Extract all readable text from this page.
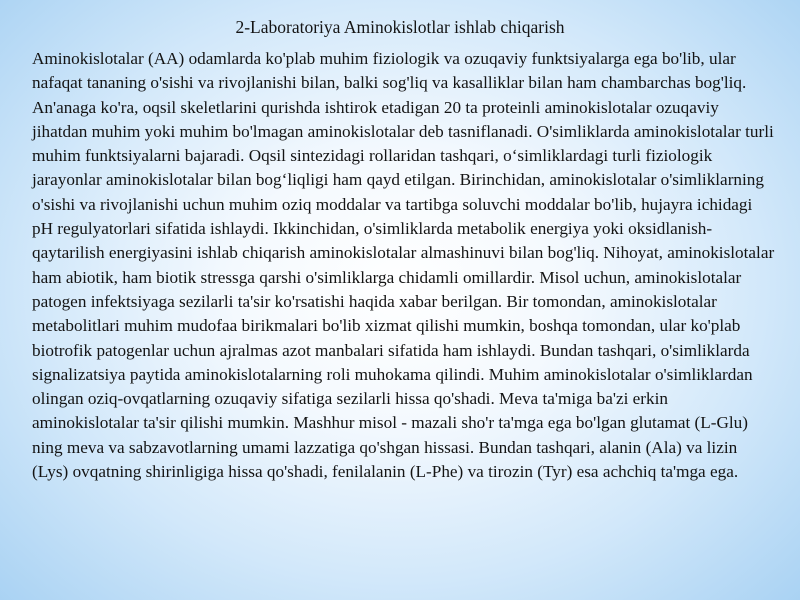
2-Laboratoriya Aminokislotlar ishlab chiqarish

Aminokislotalar (AA) odamlarda ko'plab muhim fiziologik va ozuqaviy funktsiyalarga ega bo'lib, ular nafaqat tananing o'sishi va rivojlanishi bilan, balki sog'liq va kasalliklar bilan ham chambarchas bog'liq. An'anaga ko'ra, oqsil skeletlarini qurishda ishtirok etadigan 20 ta proteinli aminokislotalar ozuqaviy jihatdan muhim yoki muhim bo'lmagan aminokislotalar deb tasniflanadi. O'simliklarda aminokislotalar turli muhim funktsiyalarni bajaradi. Oqsil sintezidagi rollaridan tashqari, o‘simliklardagi turli fiziologik jarayonlar aminokislotalar bilan bog‘liqligi ham qayd etilgan. Birinchidan, aminokislotalar o'simliklarning o'sishi va rivojlanishi uchun muhim oziq moddalar va tartibga soluvchi moddalar bo'lib, hujayra ichidagi pH regulyatorlari sifatida ishlaydi. Ikkinchidan, o'simliklarda metabolik energiya yoki oksidlanish-qaytarilish energiyasini ishlab chiqarish aminokislotalar almashinuvi bilan bog'liq. Nihoyat, aminokislotalar ham abiotik, ham biotik stressga qarshi o'simliklarga chidamli omillardir. Misol uchun, aminokislotalar patogen infektsiyaga sezilarli ta'sir ko'rsatishi haqida xabar berilgan. Bir tomondan, aminokislotalar metabolitlari muhim mudofaa birikmalari bo'lib xizmat qilishi mumkin, boshqa tomondan, ular ko'plab biotrofik patogenlar uchun ajralmas azot manbalari sifatida ham ishlaydi. Bundan tashqari, o'simliklarda signalizatsiya paytida aminokislotalarning roli muhokama qilindi. Muhim aminokislotalar o'simliklardan olingan oziq-ovqatlarning ozuqaviy sifatiga sezilarli hissa qo'shadi. Meva ta'miga ba'zi erkin aminokislotalar ta'sir qilishi mumkin. Mashhur misol - mazali sho'r ta'mga ega bo'lgan glutamat (L-Glu) ning meva va sabzavotlarning umami lazzatiga qo'shgan hissasi. Bundan tashqari, alanin (Ala) va lizin (Lys) ovqatning shirinligiga hissa qo'shadi, fenilalanin (L-Phe) va tirozin (Tyr) esa achchiq ta'mga ega.
